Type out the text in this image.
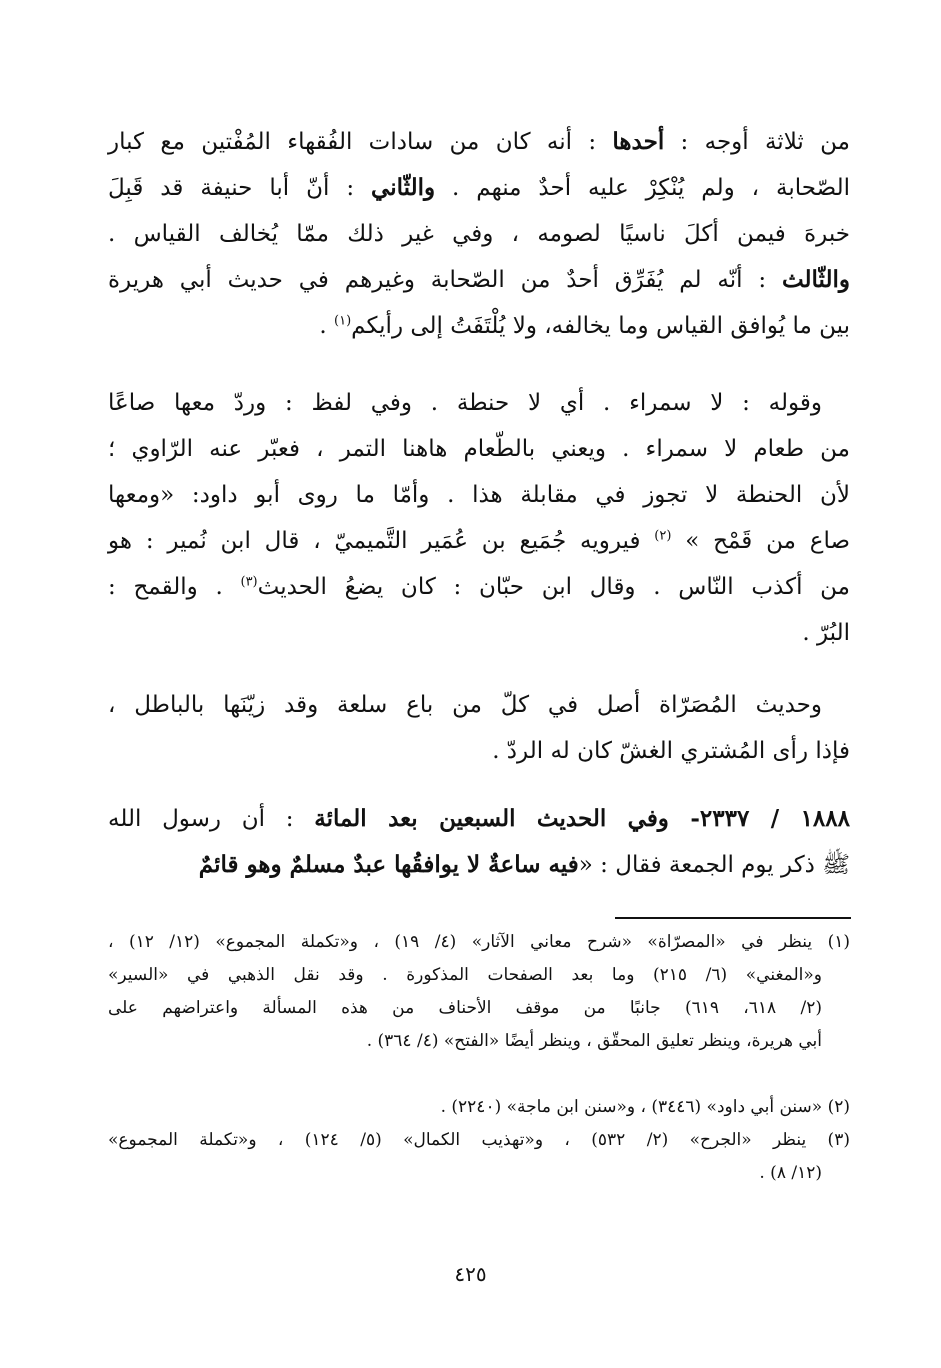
من ثلاثة أوجه : أحدها : أنه كان من سادات الفُقهاء المُفْتين مع كبار
الصّحابة ، ولم يُنْكِرْ عليه أحدٌ منهم . والثّاني : أنّ أبا حنيفة قد قَبِلَ
خبرهَ فيمن أكلَ ناسيًا لصومه ، وفي غير ذلك ممّا يُخالف القياس .
والثّالث : أنّه لم يُفَرِّق أحدٌ من الصّحابة وغيرهم في حديث أبي هريرة
بين ما يُوافق القياس وما يخالفه، ولا يُلْتَفَتُ إلى رأيكم$^{(١)}$ .
وقوله : لا سمراء . أي لا حنطة . وفي لفظ : وردّ معها صاعًا
من طعام لا سمراء . ويعني بالطّعام هاهنا التمر ، فعبّر عنه الرّاوي ؛
لأن الحنطة لا تجوز في مقابلة هذا . وأمّا ما روى أبو داود: «ومعها
صاع من قَمْح » $^{(٢)}$ فيرويه جُمَيع بن عُمَير التَّميميّ ، قال ابن نُمير : هو
من أكذب النّاس . وقال ابن حبّان : كان يضعُ الحديث$^{(٣)}$ . والقمح :
البُرّ .
وحديث المُصَرّاة أصل في كلّ من باع سلعة وقد زيّنَها بالباطل ،
فإذا رأى المُشتري الغشّ كان له الردّ .
١٨٨٨ / ٢٣٣٧- وفي الحديث السبعين بعد المائة : أن رسول الله
ﷺ ذكر يوم الجمعة فقال : «فيه ساعةٌ لا يوافقُها عبدٌ مسلمٌ وهو قائمٌ
(١) ينظر في «المصرّاة» «شرح معاني الآثار» (٤/ ١٩) ، و«تكملة المجموع» (١٢/ ١٢) ،
و«المغني» (٦/ ٢١٥) وما بعد الصفحات المذكورة . وقد نقل الذهبي في «السير»
(٢/ ٦١٨، ٦١٩) جانبًا من موقف الأحناف من هذه المسألة واعتراضهم على
أبي هريرة، وينظر تعليق المحقّق ، وينظر أيضًا «الفتح» (٤/ ٣٦٤) .
(٢) «سنن أبي داود» (٣٤٤٦) ، و«سنن ابن ماجة» (٢٢٤٠) .
(٣) ينظر «الجرح» (٢/ ٥٣٢) ، و«تهذيب الكمال» (٥/ ١٢٤) ، و«تكملة المجموع»
(١٢/ ٨) .
٤٢٥
